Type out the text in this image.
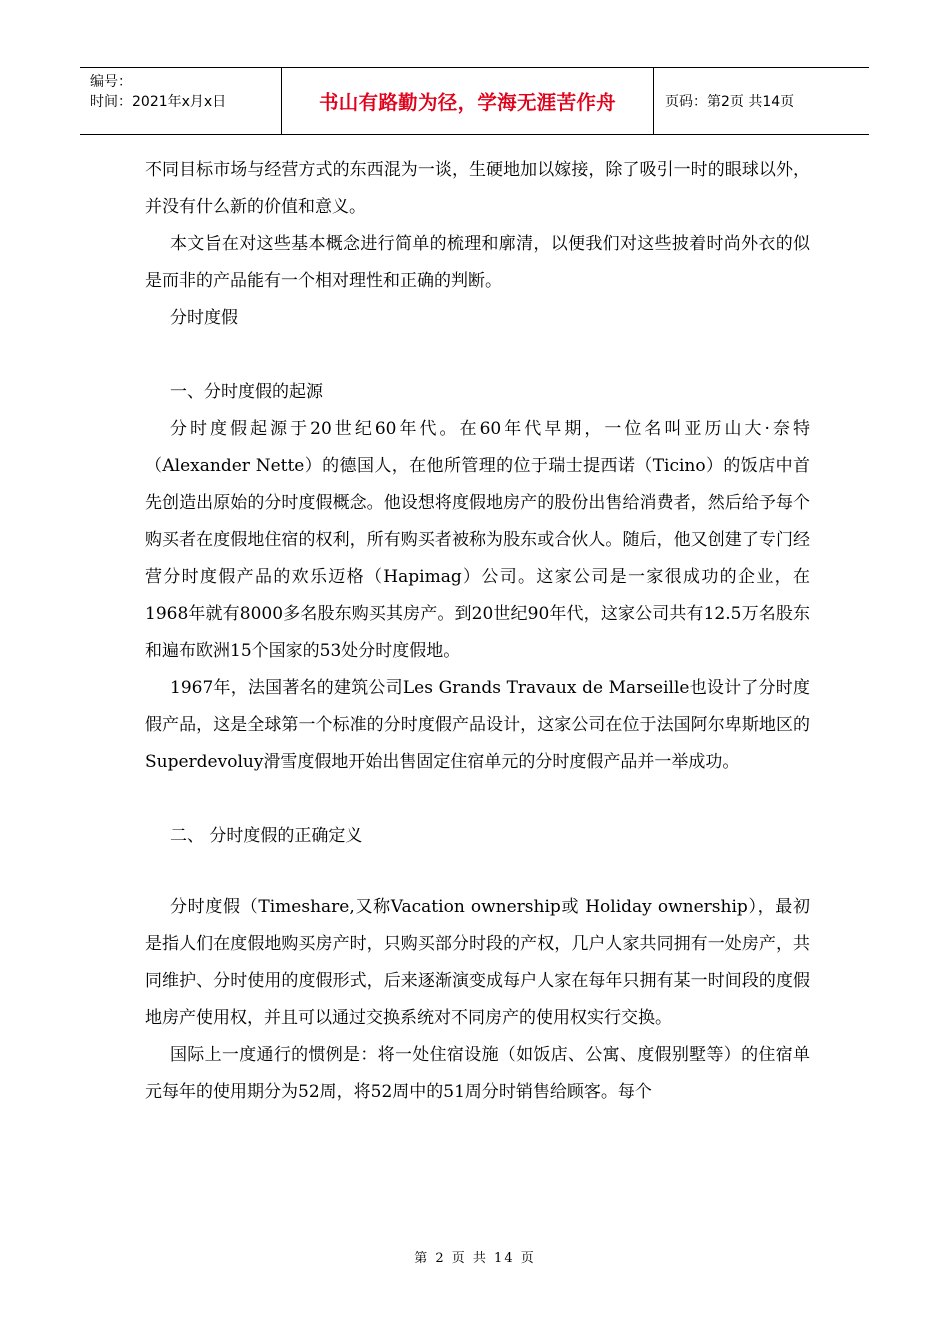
编号：
时间：2021年x月x日	书山有路勤为径，学海无涯苦作舟	页码：第2页 共14页

不同目标市场与经营方式的东西混为一谈，生硬地加以嫁接，除了吸引一时的眼球以外，并没有什么新的价值和意义。

本文旨在对这些基本概念进行简单的梳理和廓清，以便我们对这些披着时尚外衣的似是而非的产品能有一个相对理性和正确的判断。

分时度假

一、分时度假的起源

分时度假起源于20世纪60年代。在60年代早期，一位名叫亚历山大·奈特（Alexander Nette）的德国人，在他所管理的位于瑞士提西诺（Ticino）的饭店中首先创造出原始的分时度假概念。他设想将度假地房产的股份出售给消费者，然后给予每个购买者在度假地住宿的权利，所有购买者被称为股东或合伙人。随后，他又创建了专门经营分时度假产品的欢乐迈格（Hapimag）公司。这家公司是一家很成功的企业，在1968年就有8000多名股东购买其房产。到20世纪90年代，这家公司共有12.5万名股东和遍布欧洲15个国家的53处分时度假地。

1967年，法国著名的建筑公司Les Grands Travaux de Marseille也设计了分时度假产品，这是全球第一个标准的分时度假产品设计，这家公司在位于法国阿尔卑斯地区的Superdevoluy滑雪度假地开始出售固定住宿单元的分时度假产品并一举成功。

二、 分时度假的正确定义

分时度假（Timeshare,又称Vacation ownership或 Holiday ownership），最初是指人们在度假地购买房产时，只购买部分时段的产权，几户人家共同拥有一处房产，共同维护、分时使用的度假形式，后来逐渐演变成每户人家在每年只拥有某一时间段的度假地房产使用权，并且可以通过交换系统对不同房产的使用权实行交换。

国际上一度通行的惯例是：将一处住宿设施（如饭店、公寓、度假别墅等）的住宿单元每年的使用期分为52周，将52周中的51周分时销售给顾客。每个

第 2 页 共 14 页
